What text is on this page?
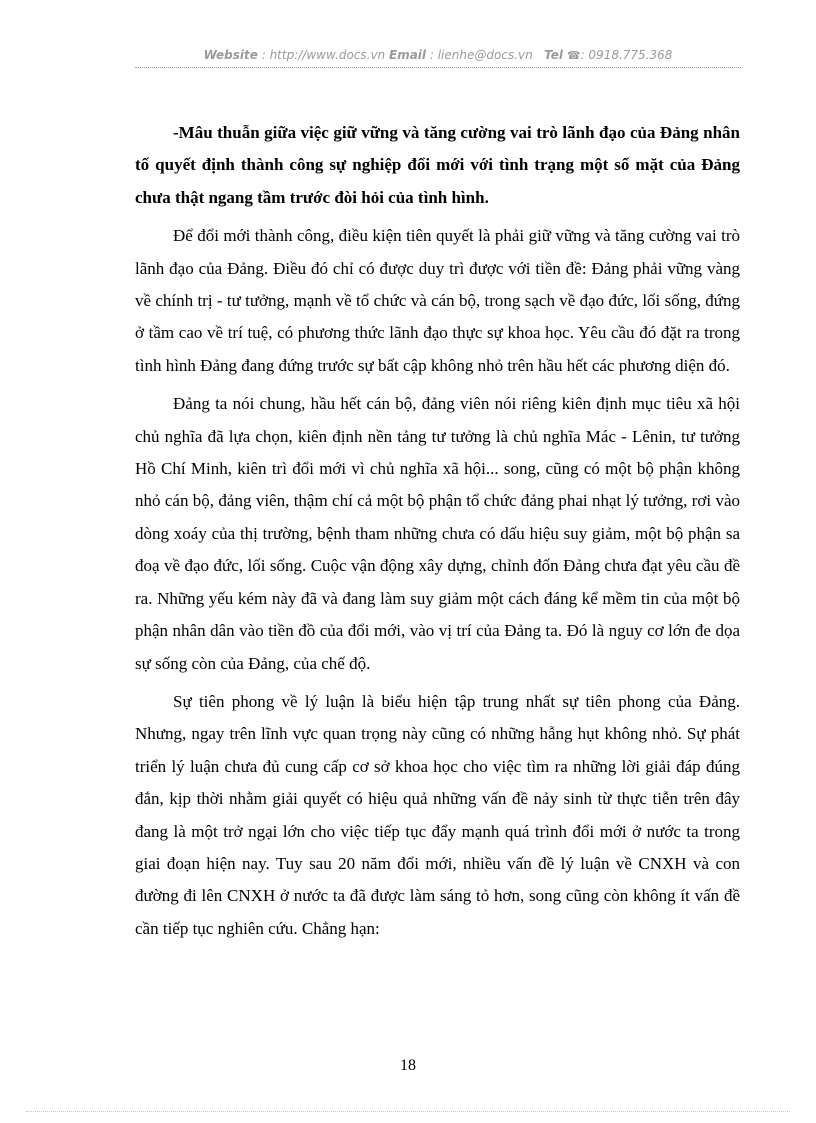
Website : http://www.docs.vn Email : lienhe@docs.vn Tel ☎: 0918.775.368

-Mâu thuẫn giữa việc giữ vững và tăng cường vai trò lãnh đạo của Đảng nhân tố quyết định thành công sự nghiệp đổi mới với tình trạng một số mặt của Đảng chưa thật ngang tầm trước đòi hỏi của tình hình.

Để đổi mới thành công, điều kiện tiên quyết là phải giữ vững và tăng cường vai trò lãnh đạo của Đảng. Điều đó chỉ có được duy trì được với tiền đề: Đảng phải vững vàng về chính trị - tư tưởng, mạnh về tổ chức và cán bộ, trong sạch về đạo đức, lối sống, đứng ở tầm cao về trí tuệ, có phương thức lãnh đạo thực sự khoa học. Yêu cầu đó đặt ra trong tình hình Đảng đang đứng trước sự bất cập không nhỏ trên hầu hết các phương diện đó.

Đảng ta nói chung, hầu hết cán bộ, đảng viên nói riêng kiên định mục tiêu xã hội chủ nghĩa đã lựa chọn, kiên định nền tảng tư tưởng là chủ nghĩa Mác - Lênin, tư tưởng Hồ Chí Minh, kiên trì đổi mới vì chủ nghĩa xã hội... song, cũng có một bộ phận không nhỏ cán bộ, đảng viên, thậm chí cả một bộ phận tổ chức đảng phai nhạt lý tưởng, rơi vào dòng xoáy của thị trường, bệnh tham những chưa có dấu hiệu suy giảm, một bộ phận sa đoạ về đạo đức, lối sống. Cuộc vận động xây dựng, chỉnh đốn Đảng chưa đạt yêu cầu đề ra. Những yếu kém này đã và đang làm suy giảm một cách đáng kể mềm tin của một bộ phận nhân dân vào tiền đồ của đổi mới, vào vị trí của Đảng ta. Đó là nguy cơ lớn đe dọa sự sống còn của Đảng, của chế độ.

Sự tiên phong về lý luận là biểu hiện tập trung nhất sự tiên phong của Đảng. Nhưng, ngay trên lĩnh vực quan trọng này cũng có những hẫng hụt không nhỏ. Sự phát triển lý luận chưa đủ cung cấp cơ sở khoa học cho việc tìm ra những lời giải đáp đúng đắn, kịp thời nhằm giải quyết có hiệu quả những vấn đề nảy sinh từ thực tiễn trên đây đang là một trở ngại lớn cho việc tiếp tục đẩy mạnh quá trình đổi mới ở nước ta trong giai đoạn hiện nay. Tuy sau 20 năm đổi mới, nhiều vấn đề lý luận về CNXH và con đường đi lên CNXH ở nước ta đã được làm sáng tỏ hơn, song cũng còn không ít vấn đề cần tiếp tục nghiên cứu. Chẳng hạn:

18
